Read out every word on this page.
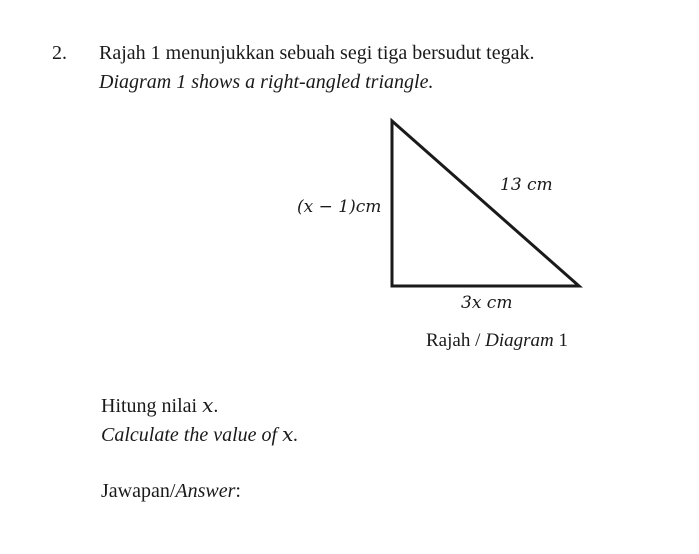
2. Rajah 1 menunjukkan sebuah segi tiga bersudut tegak.
Diagram 1 shows a right-angled triangle.
(x − 1)cm
13 cm
3x cm
Rajah / Diagram 1
Hitung nilai x.
Calculate the value of x.
Jawapan/Answer:
